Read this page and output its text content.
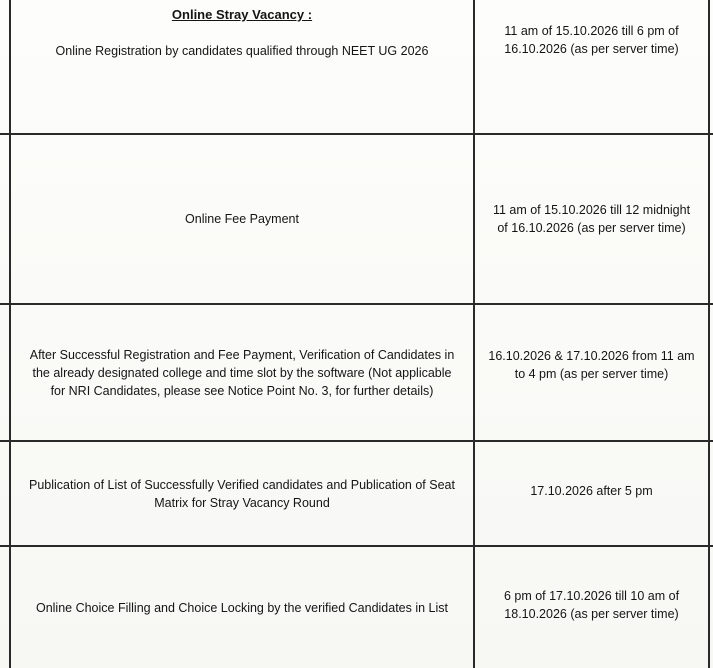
Online Stray Vacancy :
Online Registration by candidates qualified through NEET UG 2026
11 am of 15.10.2026 till 6 pm of
16.10.2026 (as per server time)
Online Fee Payment
11 am of 15.10.2026 till 12 midnight
of 16.10.2026 (as per server time)
After Successful Registration and Fee Payment, Verification of Candidates in
the already designated college and time slot by the software (Not applicable
for NRI Candidates, please see Notice Point No. 3, for further details)
16.10.2026 & 17.10.2026 from 11 am
to 4 pm (as per server time)
Publication of List of Successfully Verified candidates and Publication of Seat
Matrix for Stray Vacancy Round
17.10.2026 after 5 pm
Online Choice Filling and Choice Locking by the verified Candidates in List
6 pm of 17.10.2026 till 10 am of
18.10.2026 (as per server time)
